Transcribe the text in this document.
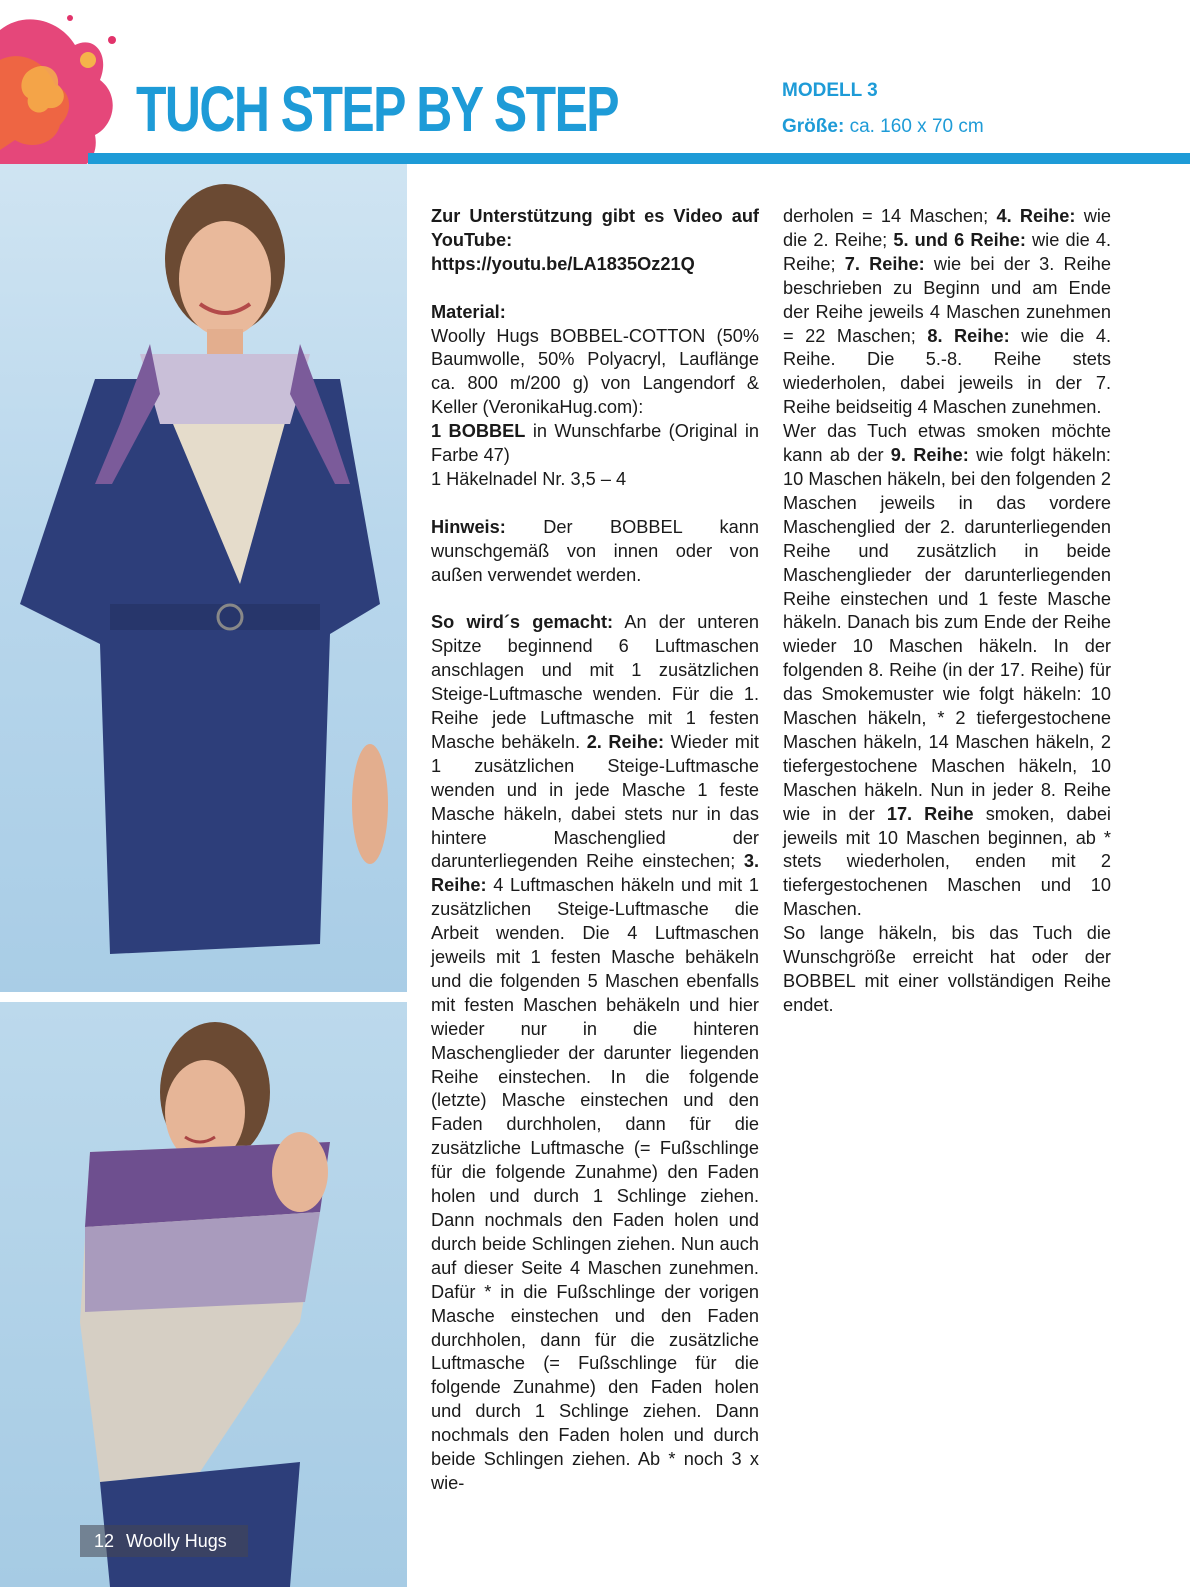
TUCH STEP BY STEP	MODELL 3
Größe: ca. 160 x 70 cm
12 Woolly Hugs

Zur Unterstützung gibt es Video auf YouTube: https://youtu.be/LA1835Oz21Q

Material:

Woolly Hugs BOBBEL-COTTON (50% Baumwolle, 50% Polyacryl, Lauflänge ca. 800 m/200 g) von Langendorf & Keller (VeronikaHug.com):

1 BOBBEL in Wunschfarbe (Original in Farbe 47)

1 Häkelnadel Nr. 3,5 – 4

Hinweis: Der BOBBEL kann wunschgemäß von innen oder von außen verwendet werden.

So wird´s gemacht: An der unteren Spitze beginnend 6 Luftmaschen anschlagen und mit 1 zusätzlichen Steige-Luftmasche wenden. Für die 1. Reihe jede Luftmasche mit 1 festen Masche behäkeln. 2. Reihe: Wieder mit 1 zusätzlichen Steige-Luftmasche wenden und in jede Masche 1 feste Masche häkeln, dabei stets nur in das hintere Maschenglied der darunterliegenden Reihe einstechen; 3. Reihe: 4 Luftmaschen häkeln und mit 1 zusätzlichen Steige-Luftmasche die Arbeit wenden. Die 4 Luftmaschen jeweils mit 1 festen Masche behäkeln und die folgenden 5 Maschen ebenfalls mit festen Maschen behäkeln und hier wieder nur in die hinteren Maschenglieder der darunter liegenden Reihe einstechen. In die folgende (letzte) Masche einstechen und den Faden durchholen, dann für die zusätzliche Luftmasche (= Fußschlinge für die folgende Zunahme) den Faden holen und durch 1 Schlinge ziehen. Dann nochmals den Faden holen und durch beide Schlingen ziehen. Nun auch auf dieser Seite 4 Maschen zunehmen. Dafür * in die Fußschlinge der vorigen Masche einstechen und den Faden durchholen, dann für die zusätzliche Luftmasche (= Fußschlinge für die folgende Zunahme) den Faden holen und durch 1 Schlinge ziehen. Dann nochmals den Faden holen und durch beide Schlingen ziehen. Ab * noch 3 x wie-

derholen = 14 Maschen; 4. Reihe: wie die 2. Reihe; 5. und 6 Reihe: wie die 4. Reihe; 7. Reihe: wie bei der 3. Reihe beschrieben zu Beginn und am Ende der Reihe jeweils 4 Maschen zunehmen = 22 Maschen; 8. Reihe: wie die 4. Reihe. Die 5.-8. Reihe stets wiederholen, dabei jeweils in der 7. Reihe beidseitig 4 Maschen zunehmen.

Wer das Tuch etwas smoken möchte kann ab der 9. Reihe: wie folgt häkeln: 10 Maschen häkeln, bei den folgenden 2 Maschen jeweils in das vordere Maschenglied der 2. darunterliegenden Reihe und zusätzlich in beide Maschenglieder der darunterliegenden Reihe einstechen und 1 feste Masche häkeln. Danach bis zum Ende der Reihe wieder 10 Maschen häkeln. In der folgenden 8. Reihe (in der 17. Reihe) für das Smokemuster wie folgt häkeln: 10 Maschen häkeln, * 2 tiefergestochene Maschen häkeln, 14 Maschen häkeln, 2 tiefergestochene Maschen häkeln, 10 Maschen häkeln. Nun in jeder 8. Reihe wie in der 17. Reihe smoken, dabei jeweils mit 10 Maschen beginnen, ab * stets wiederholen, enden mit 2 tiefergestochenen Maschen und 10 Maschen.

So lange häkeln, bis das Tuch die Wunschgröße erreicht hat oder der BOBBEL mit einer vollständigen Reihe endet.
